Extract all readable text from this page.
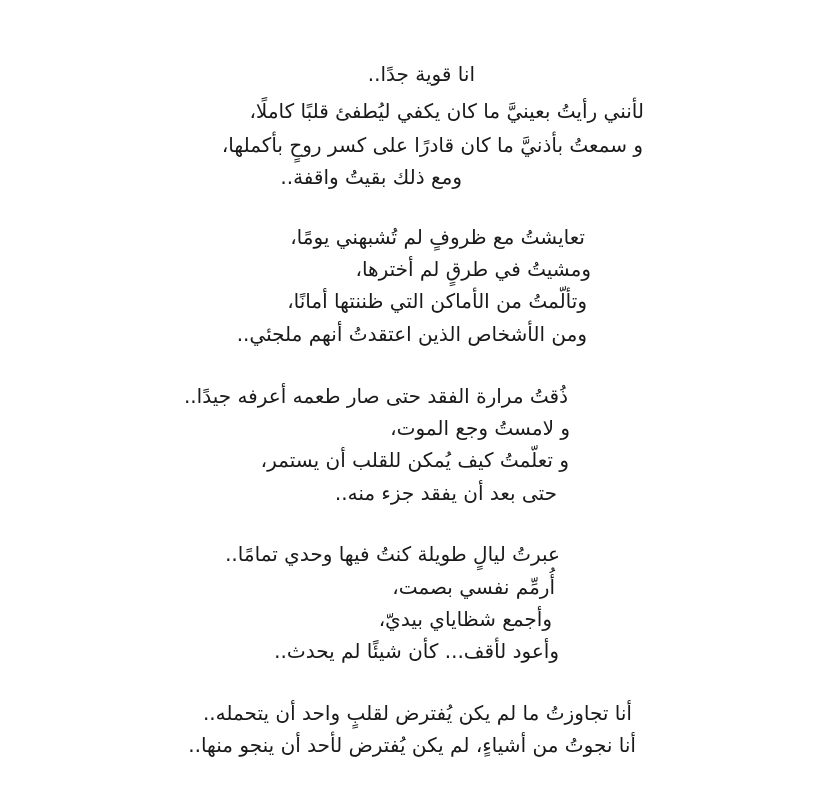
انا قوية جدًا..
لأنني رأيتُ بعينيَّ ما كان يكفي ليُطفئ قلبًا كاملًا،
و سمعتُ بأذنيَّ ما كان قادرًا على كسر روحٍ بأكملها،
ومع ذلك بقيتُ واقفة..
تعايشتُ مع ظروفٍ لم تُشبهني يومًا،
ومشيتُ في طرقٍ لم أخترها،
وتألّمتُ من الأماكن التي ظننتها أمانًا،
ومن الأشخاص الذين اعتقدتُ أنهم ملجئي..
ذُقتُ مرارة الفقد حتى صار طعمه أعرفه جيدًا..
و لامستُ وجع الموت،
و تعلّمتُ كيف يُمكن للقلب أن يستمر،
حتى بعد أن يفقد جزء منه..
عبرتُ ليالٍ طويلة كنتُ فيها وحدي تمامًا..
أُرمِّم نفسي بصمت،
وأجمع شظاياي بيديّ،
وأعود لأقف... كأن شيئًا لم يحدث..
أنا تجاوزتُ ما لم يكن يُفترض لقلبٍ واحد أن يتحمله..
أنا نجوتُ من أشياءٍ، لم يكن يُفترض لأحد أن ينجو منها..
